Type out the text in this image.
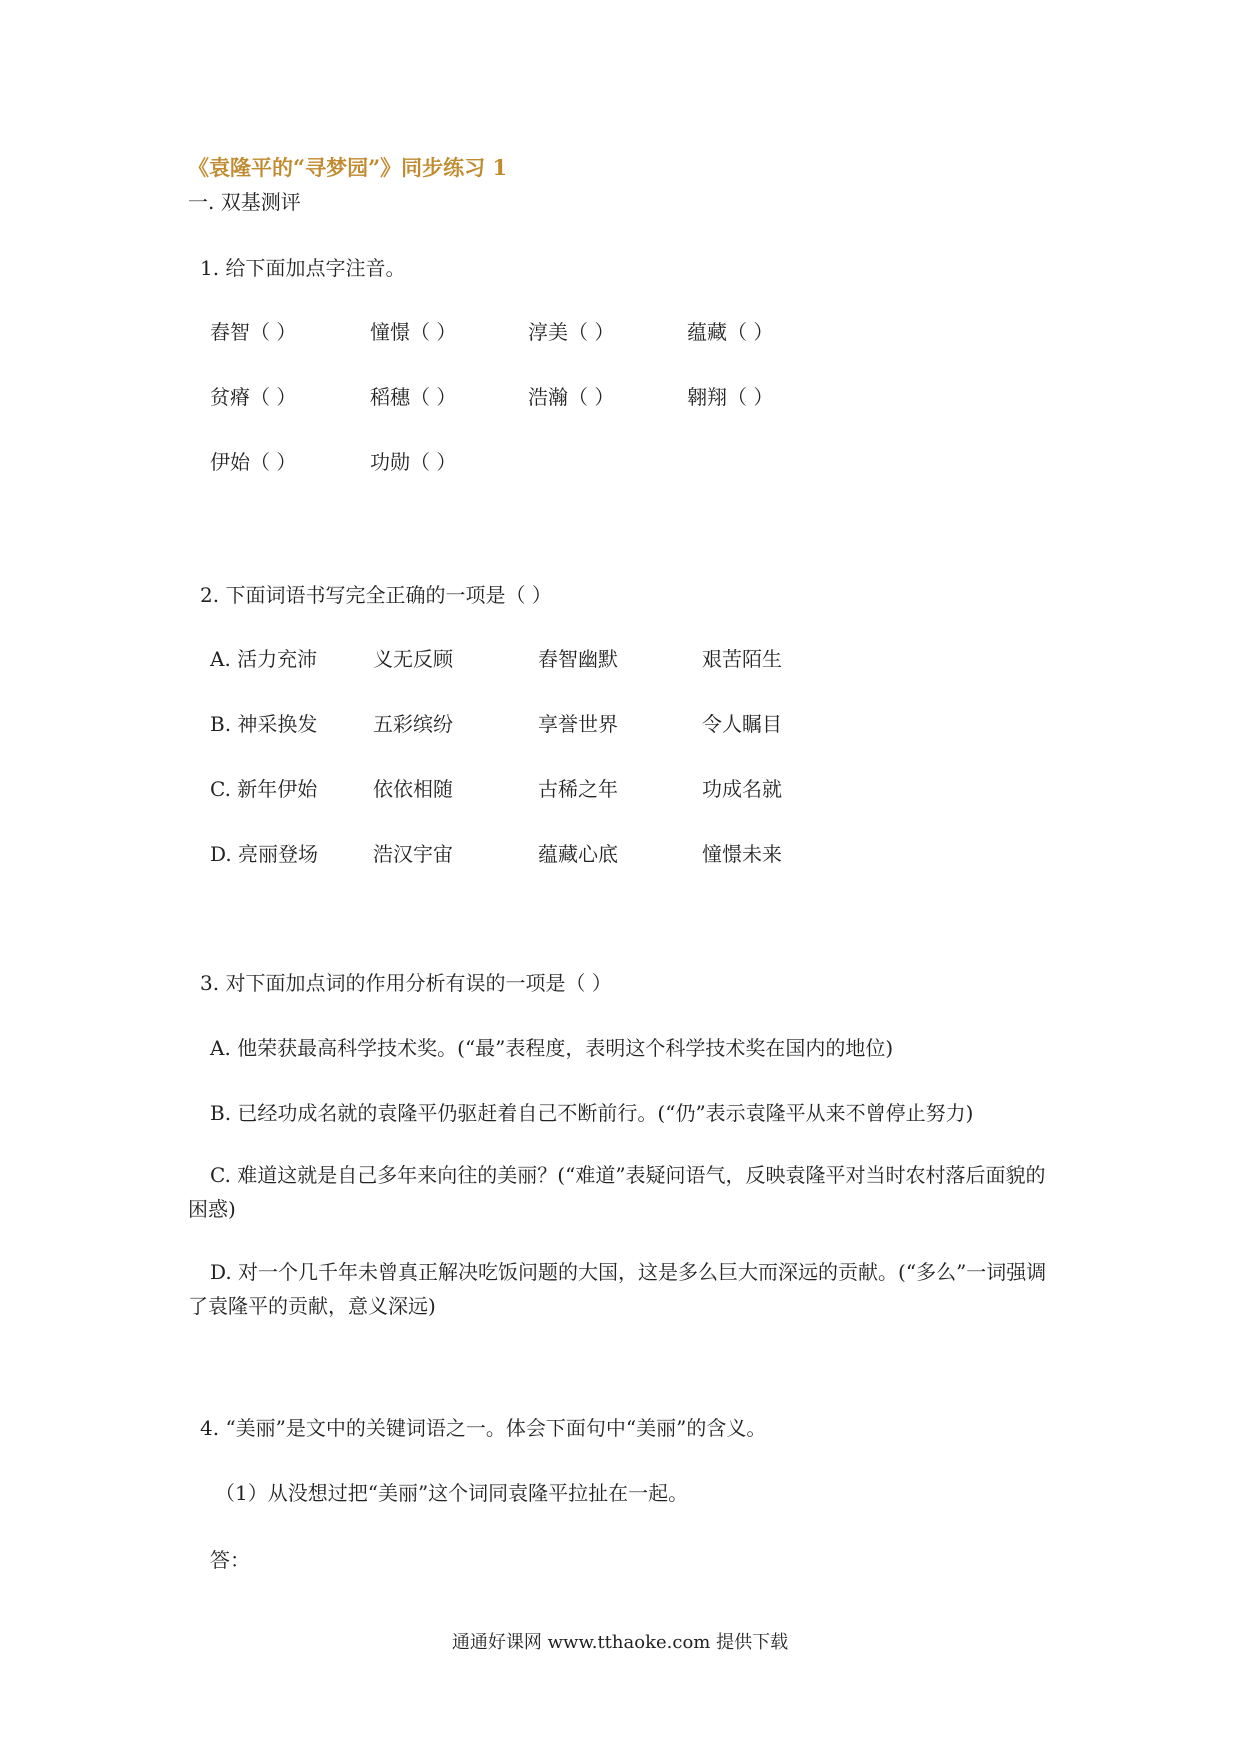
《袁隆平的“寻梦园”》同步练习 1
一. 双基测评
1. 给下面加点字注音。
舂智（ ）	憧憬（ ）	淳美（ ）	蕴藏（ ）
贫瘠（ ）	稻穗（ ）	浩瀚（ ）	翱翔（ ）
伊始（ ）	功勋（ ）
2. 下面词语书写完全正确的一项是（ ）
A. 活力充沛	义无反顾	舂智幽默	艰苦陌生
B. 神采换发	五彩缤纷	享誉世界	令人瞩目
C. 新年伊始	依依相随	古稀之年	功成名就
D. 亮丽登场	浩汉宇宙	蕴藏心底	憧憬未来
3. 对下面加点词的作用分析有误的一项是（ ）
A. 他荣获最高科学技术奖。(“最”表程度，表明这个科学技术奖在国内的地位)
B. 已经功成名就的袁隆平仍驱赶着自己不断前行。(“仍”表示袁隆平从来不曾停止努力)
C. 难道这就是自己多年来向往的美丽？(“难道”表疑问语气，反映袁隆平对当时农村落后面貌的困惑)
D. 对一个几千年未曾真正解决吃饭问题的大国，这是多么巨大而深远的贡献。(“多么”一词强调了袁隆平的贡献，意义深远)
4. “美丽”是文中的关键词语之一。体会下面句中“美丽”的含义。
（1）从没想过把“美丽”这个词同袁隆平拉扯在一起。
答：
通通好课网 www.tthaoke.com 提供下载
